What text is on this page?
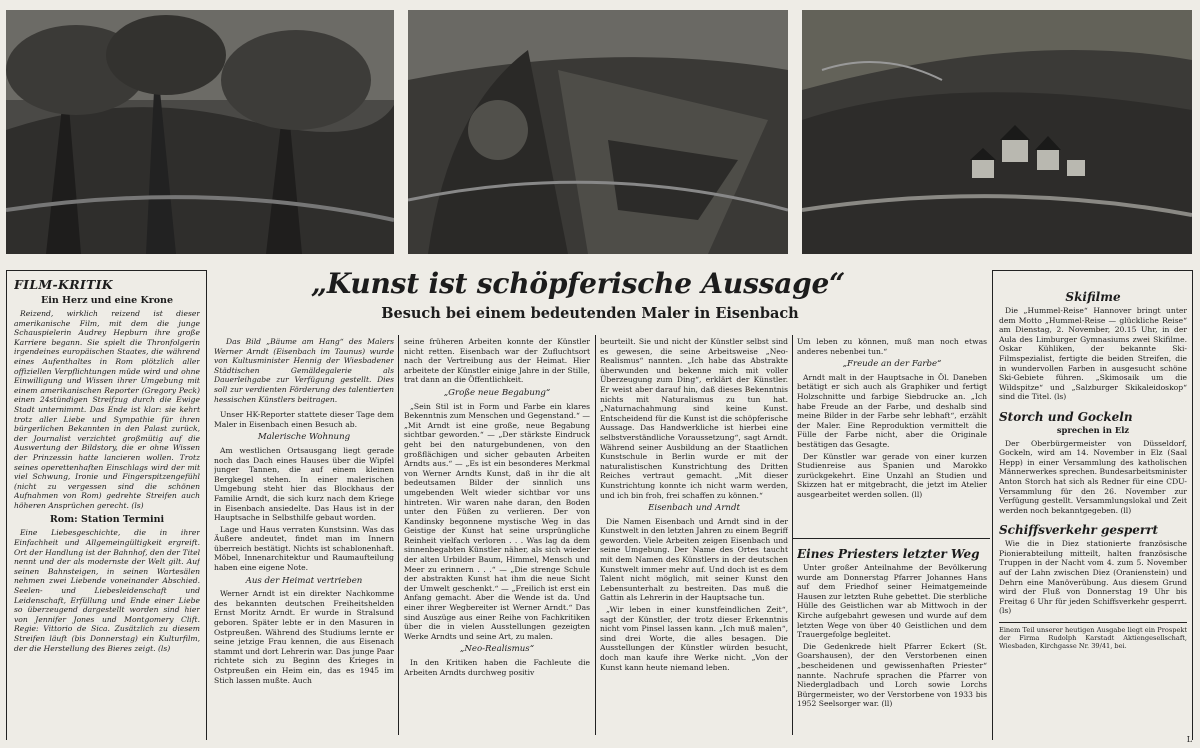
„Kunst ist schöpferische Aussage“
Besuch bei einem bedeutenden Maler in Eisenbach
FILM-KRITIK
Ein Herz und eine Krone

Reizend, wirklich reizend ist dieser amerikanische Film, mit dem die junge Schauspielerin Audrey Hepburn ihre große Karriere begann. Sie spielt die Thronfolgerin irgendeines europäischen Staates, die während eines Aufenthaltes in Rom plötzlich aller offiziellen Verpflichtungen müde wird und ohne Einwilligung und Wissen ihrer Umgebung mit einem amerikanischen Reporter (Gregory Peck) einen 24stündigen Streifzug durch die Ewige Stadt unternimmt. Das Ende ist klar: sie kehrt trotz aller Liebe und Sympathie für ihren bürgerlichen Bekannten in den Palast zurück, der Journalist verzichtet großmütig auf die Auswertung der Bildstory, die er ohne Wissen der Prinzessin hatte lancieren wollen. Trotz seines operettenhaften Einschlags wird der mit viel Schwung, Ironie und Fingerspitzengefühl (nicht zu vergessen sind die schönen Aufnahmen von Rom) gedrehte Streifen auch höheren Ansprüchen gerecht. (ls)

Rom: Station Termini

Eine Liebesgeschichte, die in ihrer Einfachheit und Allgemeingültigkeit ergreift. Ort der Handlung ist der Bahnhof, den der Titel nennt und der als modernste der Welt gilt. Auf seinen Bahnsteigen, in seinen Wartesälen nehmen zwei Liebende voneinander Abschied. Seelen- und Liebesleidenschaft und Leidenschaft, Erfüllung und Ende einer Liebe so überzeugend dargestellt worden sind hier von Jennifer Jones und Montgomery Clift. Regie: Vittorio de Sica. Zusätzlich zu diesem Streifen läuft (bis Donnerstag) ein Kulturfilm, der die Herstellung des Bieres zeigt. (ls)

Das Bild „Bäume am Hang“ des Malers Werner Arndt (Eisenbach im Taunus) wurde von Kultusminister Hennig der Wiesbadener Städtischen Gemäldegalerie als Dauerleihgabe zur Verfügung gestellt. Dies soll zur verdienten Förderung des talentierten hessischen Künstlers beitragen.

Unser HK-Reporter stattete dieser Tage dem Maler in Eisenbach einen Besuch ab.

Malerische Wohnung

Am westlichen Ortsausgang liegt gerade noch das Dach eines Hauses über die Wipfel junger Tannen, die auf einem kleinen Bergkegel stehen. In einer malerischen Umgebung steht hier das Blockhaus der Familie Arndt, die sich kurz nach dem Kriege in Eisenbach ansiedelte. Das Haus ist in der Hauptsache in Selbsthilfe gebaut worden.

Lage und Haus verraten Kunstsinn. Was das Äußere andeutet, findet man im Innern überreich bestätigt. Nichts ist schablonenhaft. Möbel, Innenarchitektur und Raumaufteilung haben eine eigene Note.

Aus der Heimat vertrieben

Werner Arndt ist ein direkter Nachkomme des bekannten deutschen Freiheitshelden Ernst Moritz Arndt. Er wurde in Stralsund geboren. Später lebte er in den Masuren in Ostpreußen. Während des Studiums lernte er seine jetzige Frau kennen, die aus Eisenach stammt und dort Lehrerin war. Das junge Paar richtete sich zu Beginn des Krieges in Ostpreußen ein Heim ein, das es 1945 im Stich lassen mußte. Auch

seine früheren Arbeiten konnte der Künstler nicht retten. Eisenbach war der Zufluchtsort nach der Vertreibung aus der Heimat. Hier arbeitete der Künstler einige Jahre in der Stille, trat dann an die Öffentlichkeit.

„Große neue Begabung“

„Sein Stil ist in Form und Farbe ein klares Bekenntnis zum Menschen und Gegenstand.“ — „Mit Arndt ist eine große, neue Begabung sichtbar geworden.“ — „Der stärkste Eindruck geht bei den naturgebundenen, von den großflächigen und sicher gebauten Arbeiten Arndts aus.“ — „Es ist ein besonderes Merkmal von Werner Arndts Kunst, daß in ihr die alt bedeutsamen Bilder der sinnlich uns umgebenden Welt wieder sichtbar vor uns hintreten. Wir waren nahe daran, den Boden unter den Füßen zu verlieren. Der von Kandinsky begonnene mystische Weg in das Geistige der Kunst hat seine ursprüngliche Reinheit vielfach verloren . . . Was lag da dem sinnenbegabten Künstler näher, als sich wieder der alten Urbilder Baum, Himmel, Mensch und Meer zu erinnern . . .“ — „Die strenge Schule der abstrakten Kunst hat ihm die neue Sicht der Umwelt geschenkt.“ — „Freilich ist erst ein Anfang gemacht. Aber die Wende ist da. Und einer ihrer Wegbereiter ist Werner Arndt.“ Das sind Auszüge aus einer Reihe von Fachkritiken über die in vielen Ausstellungen gezeigten Werke Arndts und seine Art, zu malen.

„Neo-Realismus“

In den Kritiken haben die Fachleute die Arbeiten Arndts durchweg positiv

beurteilt. Sie und nicht der Künstler selbst sind es gewesen, die seine Arbeitsweise „Neo-Realismus“ nannten. „Ich habe das Abstrakte überwunden und bekenne mich mit voller Überzeugung zum Ding“, erklärt der Künstler. Er weist aber darauf hin, daß dieses Bekenntnis nichts mit Naturalismus zu tun hat. „Naturnachahmung sind keine Kunst. Entscheidend für die Kunst ist die schöpferische Aussage. Das Handwerkliche ist hierbei eine selbstverständliche Voraussetzung“, sagt Arndt. Während seiner Ausbildung an der Staatlichen Kunstschule in Berlin wurde er mit der naturalistischen Kunstrichtung des Dritten Reiches vertraut gemacht. „Mit dieser Kunstrichtung konnte ich nicht warm werden, und ich bin froh, frei schaffen zu können.“

Eisenbach und Arndt

Die Namen Eisenbach und Arndt sind in der Kunstwelt in den letzten Jahren zu einem Begriff geworden. Viele Arbeiten zeigen Eisenbach und seine Umgebung. Der Name des Ortes taucht mit dem Namen des Künstlers in der deutschen Kunstwelt immer mehr auf. Und doch ist es dem Talent nicht möglich, mit seiner Kunst den Lebensunterhalt zu bestreiten. Das muß die Gattin als Lehrerin in der Hauptsache tun.

„Wir leben in einer kunstfeindlichen Zeit“, sagt der Künstler, der trotz dieser Erkenntnis nicht vom Pinsel lassen kann. „Ich muß malen“, sind drei Worte, die alles besagen. Die Ausstellungen der Künstler würden besucht, doch man kaufe ihre Werke nicht. „Von der Kunst kann heute niemand leben.

Um leben zu können, muß man noch etwas anderes nebenbei tun.“

„Freude an der Farbe“

Arndt malt in der Hauptsache in Öl. Daneben betätigt er sich auch als Graphiker und fertigt Holzschnitte und farbige Siebdrucke an. „Ich habe Freude an der Farbe, und deshalb sind meine Bilder in der Farbe sehr lebhaft“, erzählt der Maler. Eine Reproduktion vermittelt die Fülle der Farbe nicht, aber die Originale bestätigen das Gesagte.

Der Künstler war gerade von einer kurzen Studienreise aus Spanien und Marokko zurückgekehrt. Eine Unzahl an Studien und Skizzen hat er mitgebracht, die jetzt im Atelier ausgearbeitet werden sollen. (ll)

Eines Priesters letzter Weg

Unter großer Anteilnahme der Bevölkerung wurde am Donnerstag Pfarrer Johannes Hans auf dem Friedhof seiner Heimatgemeinde Hausen zur letzten Ruhe gebettet. Die sterbliche Hülle des Geistlichen war ab Mittwoch in der Kirche aufgebahrt gewesen und wurde auf dem letzten Wege von über 40 Geistlichen und dem Trauergefolge begleitet.

Die Gedenkrede hielt Pfarrer Eckert (St. Goarshausen), der den Verstorbenen einen „bescheidenen und gewissenhaften Priester“ nannte. Nachrufe sprachen die Pfarrer von Niedergladbach und Lorch sowie Lorchs Bürgermeister, wo der Verstorbene von 1933 bis 1952 Seelsorger war. (ll)

Skifilme

Die „Hummel-Reise“ Hannover bringt unter dem Motto „Hummel-Reise — glückliche Reise“ am Dienstag, 2. November, 20.15 Uhr, in der Aula des Limburger Gymnasiums zwei Skifilme. Oskar Kühliken, der bekannte Ski-Filmspezialist, fertigte die beiden Streifen, die in wundervollen Farben in ausgesucht schöne Ski-Gebiete führen. „Skimosaik um die Wildspitze“ und „Salzburger Skikaleidoskop“ sind die Titel. (ls)

Storch und Gockeln
sprechen in Elz

Der Oberbürgermeister von Düsseldorf, Gockeln, wird am 14. November in Elz (Saal Hepp) in einer Versammlung des katholischen Männerwerkes sprechen. Bundesarbeitsminister Anton Storch hat sich als Redner für eine CDU-Versammlung für den 26. November zur Verfügung gestellt. Versammlungslokal und Zeit werden noch bekanntgegeben. (ll)

Schiffsverkehr gesperrt

Wie die in Diez stationierte französische Pionierabteilung mitteilt, halten französische Truppen in der Nacht vom 4. zum 5. November auf der Lahn zwischen Diez (Oranienstein) und Dehrn eine Manöverübung. Aus diesem Grund wird der Fluß von Donnerstag 19 Uhr bis Freitag 6 Uhr für jeden Schiffsverkehr gesperrt. (ls)

Einem Teil unserer heutigen Ausgabe liegt ein Prospekt der Firma Rudolph Karstadt Aktiengesellschaft, Wiesbaden, Kirchgasse Nr. 39/41, bei.

L
